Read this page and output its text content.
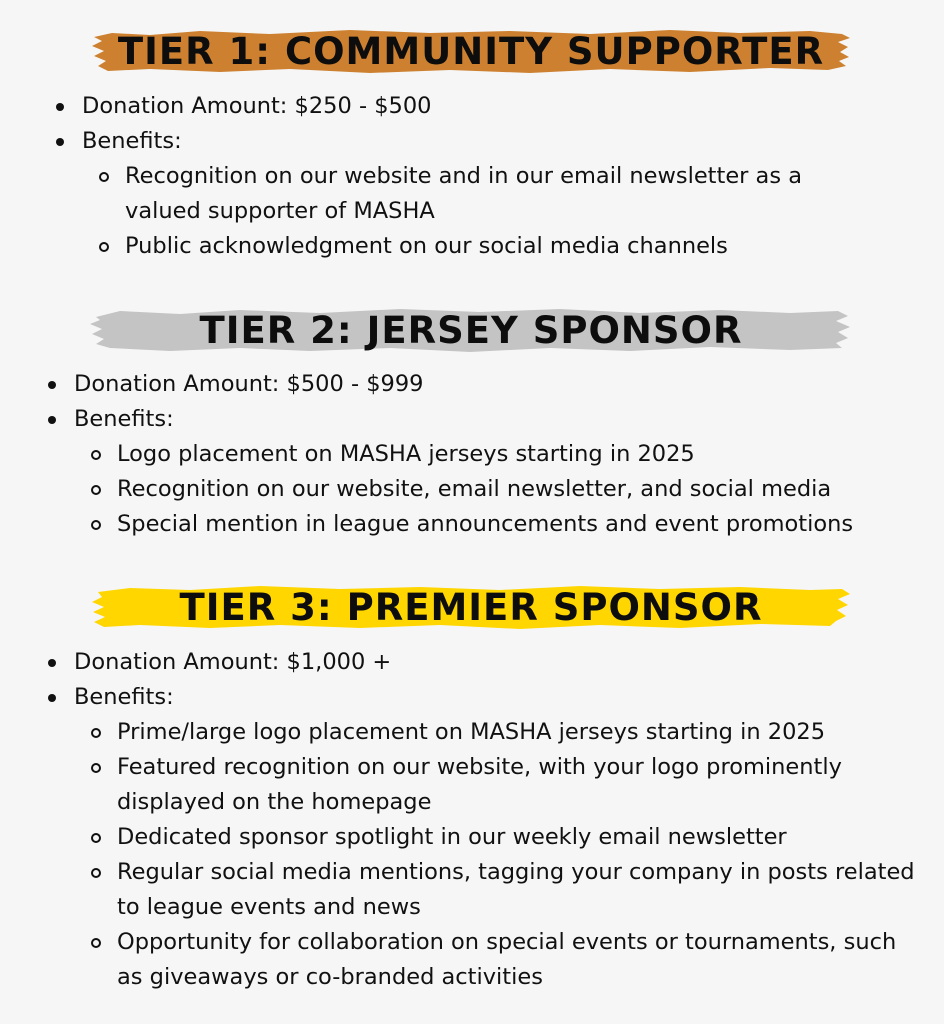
TIER 1: COMMUNITY SUPPORTER
Donation Amount: $250 - $500
Benefits:
Recognition on our website and in our email newsletter as a valued supporter of MASHA
Public acknowledgment on our social media channels
TIER 2: JERSEY SPONSOR
Donation Amount: $500 - $999
Benefits:
Logo placement on MASHA jerseys starting in 2025
Recognition on our website, email newsletter, and social media
Special mention in league announcements and event promotions
TIER 3: PREMIER SPONSOR
Donation Amount: $1,000 +
Benefits:
Prime/large logo placement on MASHA jerseys starting in 2025
Featured recognition on our website, with your logo prominently displayed on the homepage
Dedicated sponsor spotlight in our weekly email newsletter
Regular social media mentions, tagging your company in posts related to league events and news
Opportunity for collaboration on special events or tournaments, such as giveaways or co-branded activities
